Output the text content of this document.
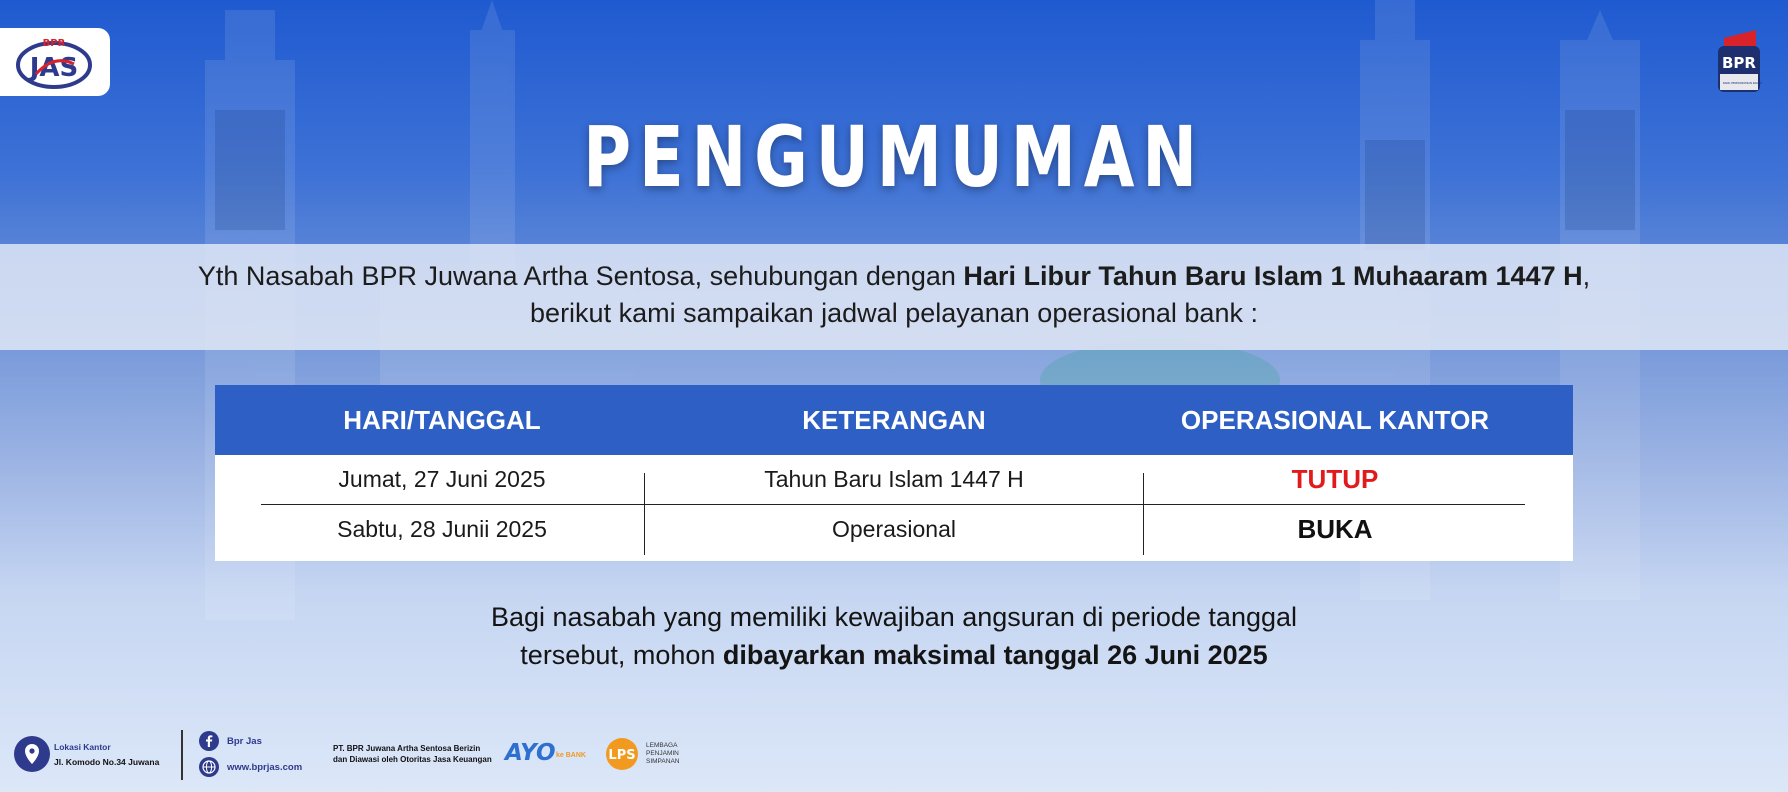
BPR
JAS	BPR
BANK PEREKONOMIAN RAKYAT
PENGUMUMAN
Yth Nasabah BPR Juwana Artha Sentosa, sehubungan dengan Hari Libur Tahun Baru Islam 1 Muhaaram 1447 H,
berikut kami sampaikan jadwal pelayanan operasional bank :
HARI/TANGGAL	KETERANGAN	OPERASIONAL KANTOR
Jumat, 27 Juni 2025	Tahun Baru Islam 1447 H	TUTUP
Sabtu, 28 Junii 2025	Operasional	BUKA
Bagi nasabah yang memiliki kewajiban angsuran di periode tanggal
tersebut, mohon dibayarkan maksimal tanggal 26 Juni 2025
Lokasi Kantor
Jl. Komodo No.34 Juwana
Bpr Jas
www.bprjas.com
PT. BPR Juwana Artha Sentosa Berizin
dan Diawasi oleh Otoritas Jasa Keuangan AYO ke BANK LPS
LEMBAGA
PENJAMIN
SIMPANAN
